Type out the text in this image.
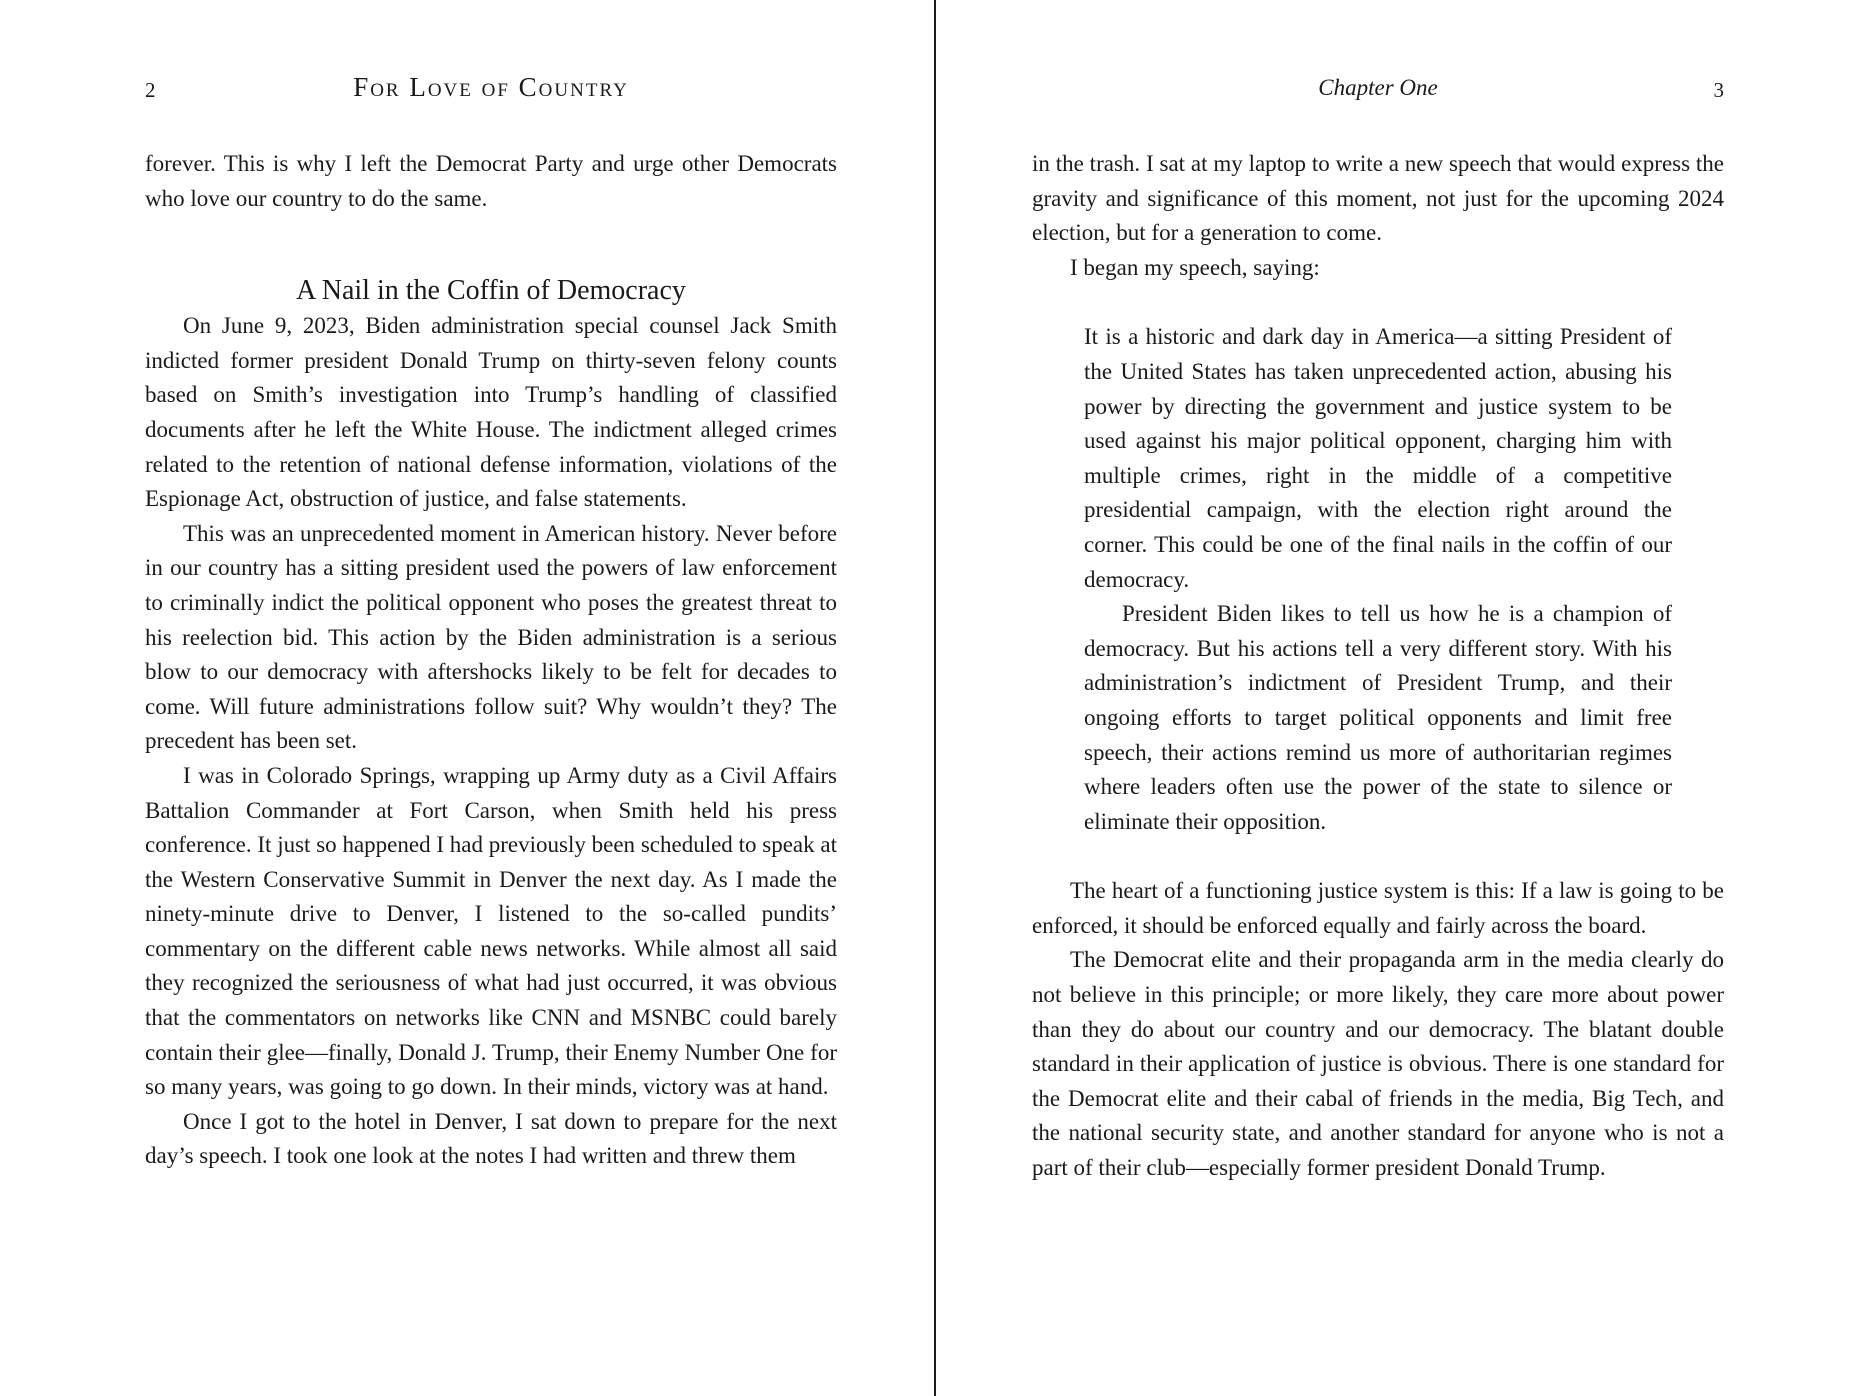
2	For Love of Country

forever. This is why I left the Democrat Party and urge other Democrats who love our country to do the same.

A Nail in the Coffin of Democracy

On June 9, 2023, Biden administration special counsel Jack Smith indicted former president Donald Trump on thirty-seven felony counts based on Smith’s investigation into Trump’s handling of classified documents after he left the White House. The indictment alleged crimes related to the retention of national defense information, violations of the Espionage Act, obstruction of justice, and false statements.

This was an unprecedented moment in American history. Never before in our country has a sitting president used the powers of law enforcement to criminally indict the political opponent who poses the greatest threat to his reelection bid. This action by the Biden administration is a serious blow to our democracy with aftershocks likely to be felt for decades to come. Will future administrations follow suit? Why wouldn’t they? The precedent has been set.

I was in Colorado Springs, wrapping up Army duty as a Civil Affairs Battalion Commander at Fort Carson, when Smith held his press conference. It just so happened I had previously been scheduled to speak at the Western Conservative Summit in Denver the next day. As I made the ninety-minute drive to Denver, I listened to the so-called pundits’ commentary on the different cable news networks. While almost all said they recognized the seriousness of what had just occurred, it was obvious that the commentators on networks like CNN and MSNBC could barely contain their glee—finally, Donald J. Trump, their Enemy Number One for so many years, was going to go down. In their minds, victory was at hand.

Once I got to the hotel in Denver, I sat down to prepare for the next day’s speech. I took one look at the notes I had written and threw them

Chapter One	3

in the trash. I sat at my laptop to write a new speech that would express the gravity and significance of this moment, not just for the upcoming 2024 election, but for a generation to come.

I began my speech, saying:

It is a historic and dark day in America—a sitting President of the United States has taken unprecedented action, abusing his power by directing the government and justice system to be used against his major political opponent, charging him with multiple crimes, right in the middle of a competitive presidential campaign, with the election right around the corner. This could be one of the final nails in the coffin of our democracy.

President Biden likes to tell us how he is a champion of democracy. But his actions tell a very different story. With his administration’s indictment of President Trump, and their ongoing efforts to target political opponents and limit free speech, their actions remind us more of authoritarian regimes where leaders often use the power of the state to silence or eliminate their opposition.

The heart of a functioning justice system is this: If a law is going to be enforced, it should be enforced equally and fairly across the board.

The Democrat elite and their propaganda arm in the media clearly do not believe in this principle; or more likely, they care more about power than they do about our country and our democracy. The blatant double standard in their application of justice is obvious. There is one standard for the Democrat elite and their cabal of friends in the media, Big Tech, and the national security state, and another standard for anyone who is not a part of their club—especially former president Donald Trump.
